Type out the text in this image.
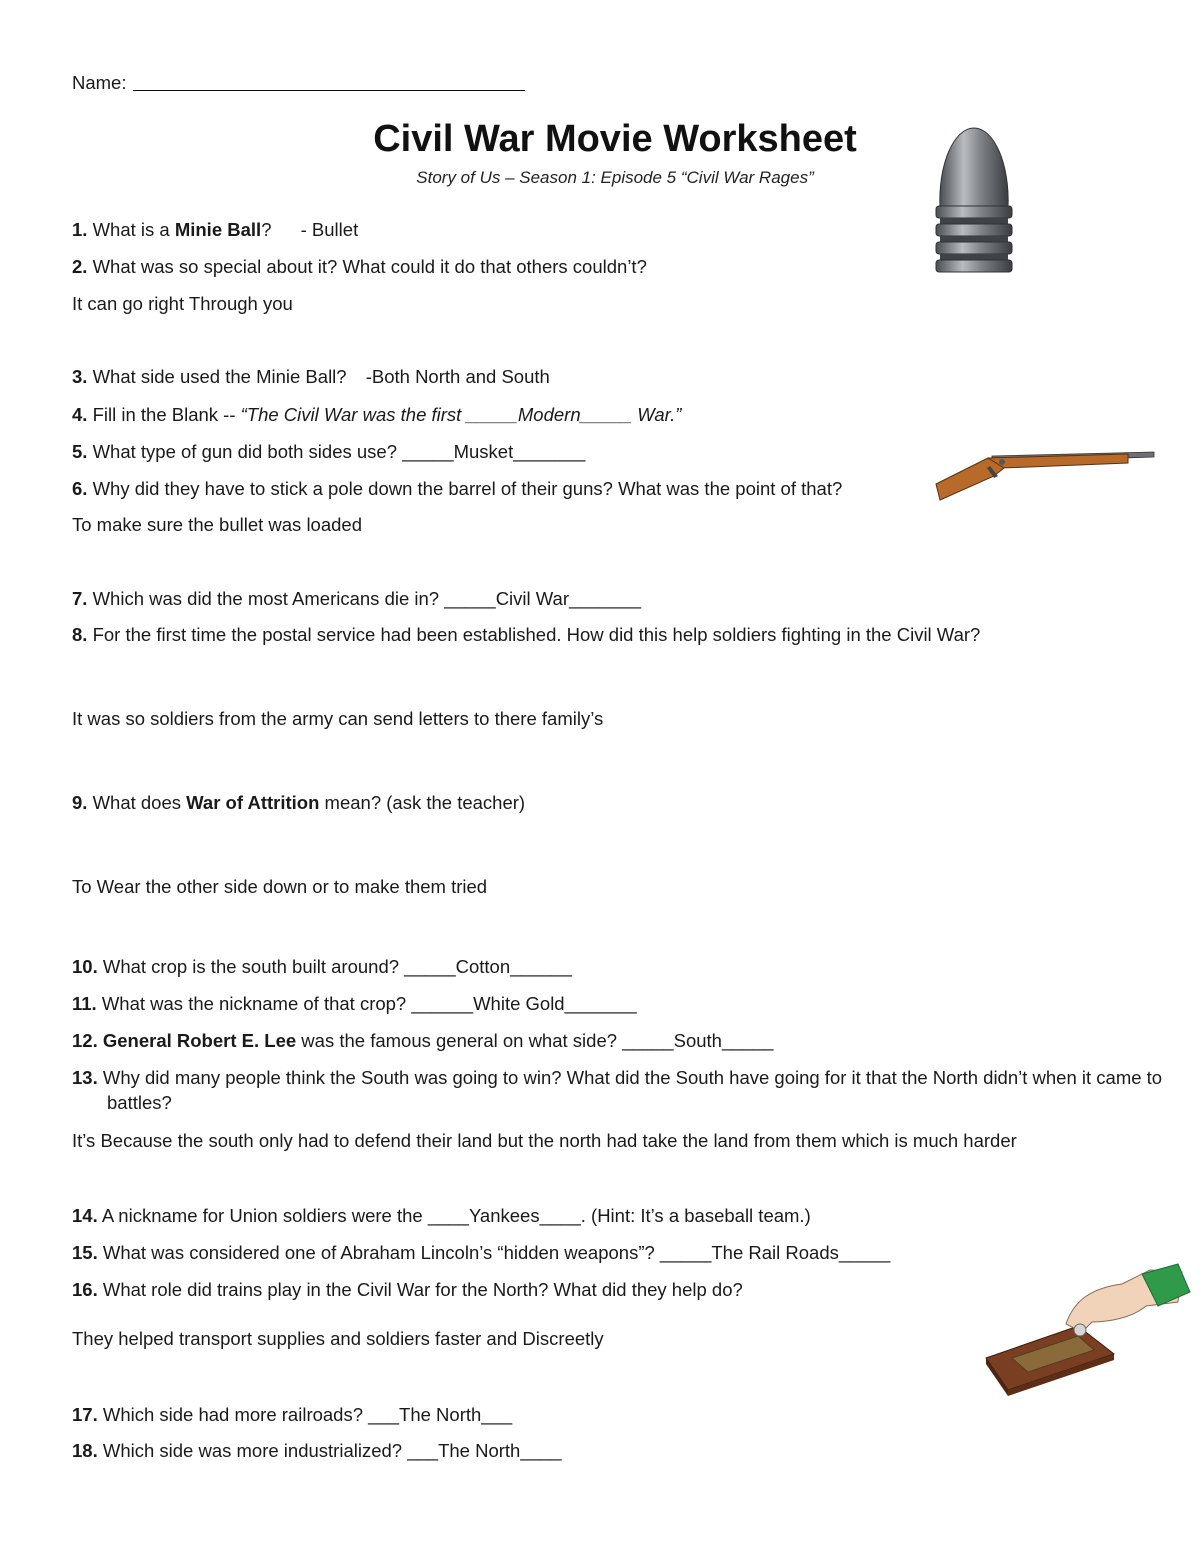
Name:
Civil War Movie Worksheet
Story of Us – Season 1: Episode 5 “Civil War Rages”
1. What is a Minie Ball? - Bullet
2. What was so special about it? What could it do that others couldn’t?
It can go right Through you
3. What side used the Minie Ball? -Both North and South
4. Fill in the Blank -- “The Civil War was the first _____Modern_____ War.”
5. What type of gun did both sides use? _____Musket_______
6. Why did they have to stick a pole down the barrel of their guns? What was the point of that?
To make sure the bullet was loaded
7. Which was did the most Americans die in? _____Civil War_______
8. For the first time the postal service had been established. How did this help soldiers fighting in the Civil War?
It was so soldiers from the army can send letters to there family’s
9. What does War of Attrition mean? (ask the teacher)
To Wear the other side down or to make them tried
10. What crop is the south built around? _____Cotton______
11. What was the nickname of that crop? ______White Gold_______
12. General Robert E. Lee was the famous general on what side? _____South_____
13. Why did many people think the South was going to win? What did the South have going for it that the North didn’t when it came to
battles?
It’s Because the south only had to defend their land but the north had take the land from them which is much harder
14. A nickname for Union soldiers were the ____Yankees____. (Hint: It’s a baseball team.)
15. What was considered one of Abraham Lincoln’s “hidden weapons”? _____The Rail Roads_____
16. What role did trains play in the Civil War for the North? What did they help do?
They helped transport supplies and soldiers faster and Discreetly
17. Which side had more railroads? ___The North___
18. Which side was more industrialized? ___The North____
